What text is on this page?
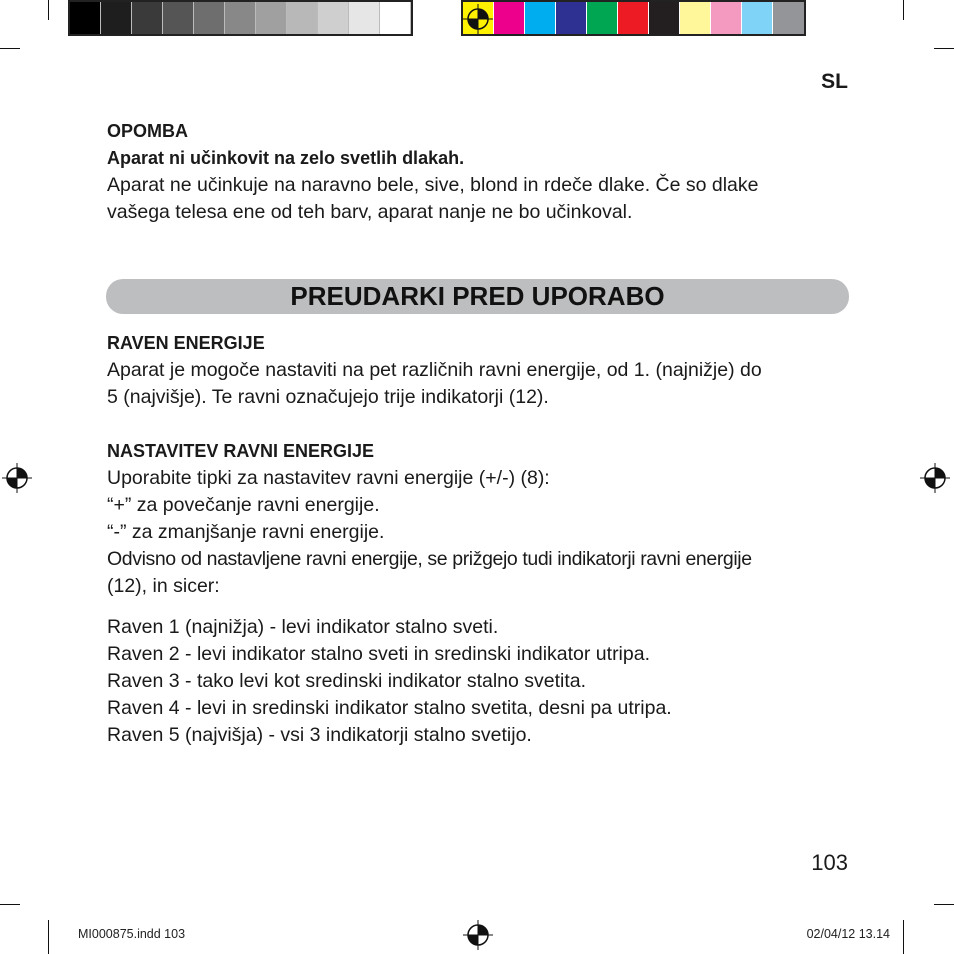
SL
OPOMBA
Aparat ni učinkovit na zelo svetlih dlakah.
Aparat ne učinkuje na naravno bele, sive, blond in rdeče dlake. Če so dlake
vašega telesa ene od teh barv, aparat nanje ne bo učinkoval.
PREUDARKI PRED UPORABO
RAVEN ENERGIJE
Aparat je mogoče nastaviti na pet različnih ravni energije, od 1. (najnižje) do
5 (najvišje). Te ravni označujejo trije indikatorji (12).
NASTAVITEV RAVNI ENERGIJE
Uporabite tipki za nastavitev ravni energije (+/-) (8):
“+” za povečanje ravni energije.
“-” za zmanjšanje ravni energije.
Odvisno od nastavljene ravni energije, se prižgejo tudi indikatorji ravni energije
(12), in sicer:
Raven 1 (najnižja) - levi indikator stalno sveti.
Raven 2 - levi indikator stalno sveti in sredinski indikator utripa.
Raven 3 - tako levi kot sredinski indikator stalno svetita.
Raven 4 - levi in sredinski indikator stalno svetita, desni pa utripa.
Raven 5 (najvišja) - vsi 3 indikatorji stalno svetijo.
103
MI000875.indd 103	02/04/12 13.14
